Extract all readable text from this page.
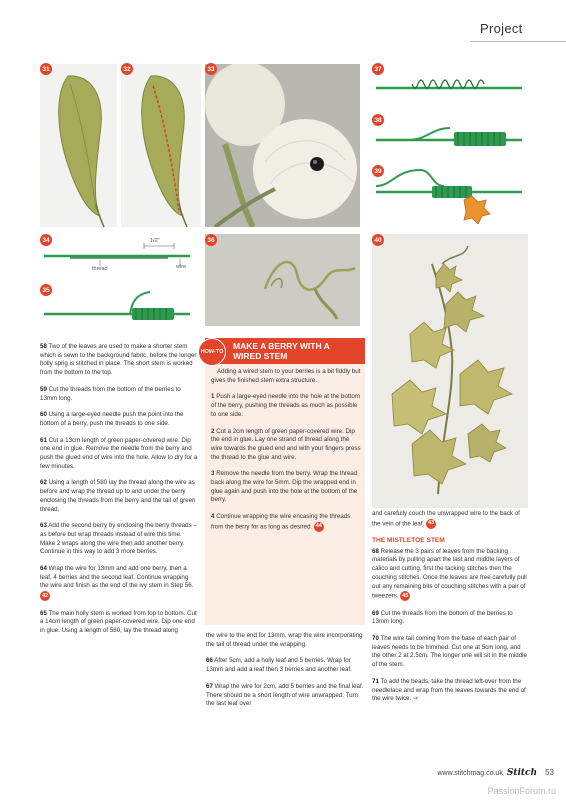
Project
31	32	33	37
38
39
1/2"
thread	wire
34
35
36	40

58 Two of the leaves are used to make a shorter stem which is sewn to the background fabric, before the longer holly sprig is stitched in place. The short stem is worked from the bottom to the top.

59 Cut the threads from the bottom of the berries to 13mm long.

60 Using a large-eyed needle push the point into the bottom of a berry, push the threads to one side.

61 Cut a 13cm length of green paper-covered wire. Dip one end in glue. Remove the needle from the berry and push the glued end of wire into the hole. Allow to dry for a few minutes.

62 Using a length of 580 lay the thread along the wire as before and wrap the thread up to and under the berry enclosing the threads from the berry and the tail of green thread.

63 Add the second berry by enclosing the berry threads – as before but wrap threads instead of wire this time. Make 2 wraps along the wire then add another berry. Continue in this way to add 3 more berries.

64 Wrap the wire for 13mm and add one berry, then a leaf, 4 berries and the second leaf. Continue wrapping the wire and finish as the end of the ivy stem in Step 56. 42

65 The main holly stem is worked from top to bottom. Cut a 14cm length of green paper-covered wire. Dip one end in glue. Using a length of 580, lay the thread along

HOW-TO
MAKE A BERRY WITH A
WIRED STEM

Adding a wired stem to your berries is a bit fiddly but gives the finished stem extra structure.

1 Push a large-eyed needle into the hole at the bottom of the berry, pushing the threads as much as possible to one side.

2 Cut a 2cm length of green paper-covered wire. Dip the end in glue. Lay one strand of thread along the wire towards the glued end and with your fingers press the thread to the glue and wire.

3 Remove the needle from the berry. Wrap the thread back along the wire for 5mm. Dip the wrapped end in glue again and push into the hole at the bottom of the berry.

4 Continue wrapping the wire encasing the threads from the berry for as long as desired. 44

the wire to the end for 13mm, wrap the wire incorporating the tail of thread under the wrapping.

66 After 5cm, add a holly leaf and 5 berries. Wrap for 13mm and add a leaf then 3 berries and another leaf.

67 Wrap the wire for 2cm, add 5 berries and the final leaf. There should be a short length of wire unwrapped. Turn the last leaf over

and carefully couch the unwrapped wire to the back of the vein of the leaf. 43

THE MISTLETOE STEM

68 Release the 3 pairs of leaves from the backing materials by pulling apart the last and middle layers of calico and cutting, first the tacking stitches then the couching stitches. Once the leaves are free carefully pull out any remaining bits of couching stitches with a pair of tweezers. 45

69 Cut the threads from the bottom of the berries to 13mm long.

70 The wire tail coming from the base of each pair of leaves needs to be trimmed. Cut one at 5cm long, and the other 2 at 2.5cm. The longer one will sit in the middle of the stem.

71 To add the beads, take the thread left-over from the needlelace and wrap from the leaves towards the end of the wire twice. ➔

www.stitchmag.co.uk Stitch 53
PassionForum.ru
